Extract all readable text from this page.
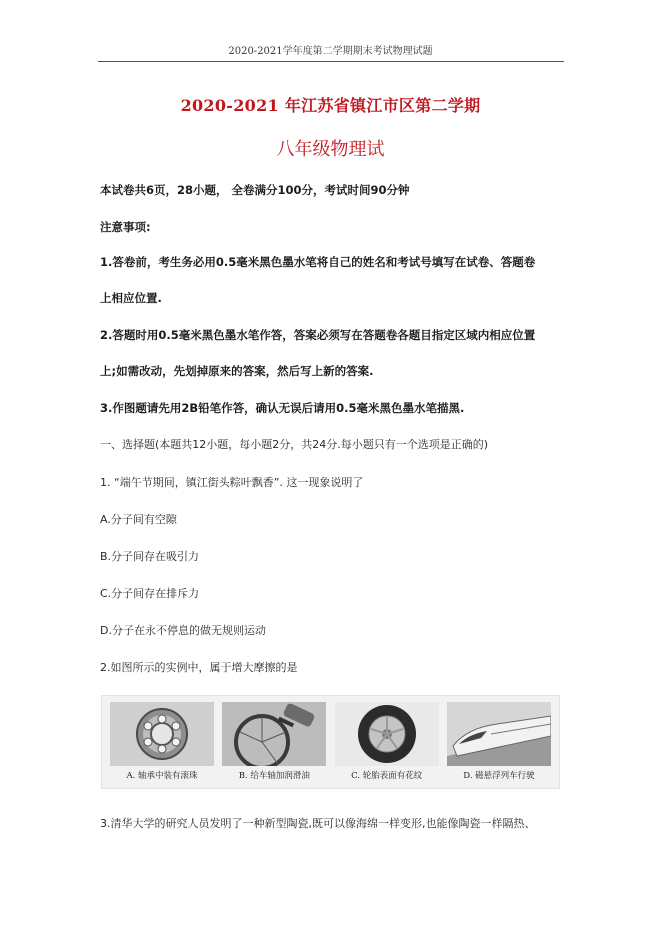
2020-2021学年度第二学期期末考试物理试题
2020-2021 年江苏省镇江市区第二学期
八年级物理试
本试卷共6页，28小题， 全卷满分100分，考试时间90分钟
注意事项:
1.答卷前，考生务必用0.5毫米黑色墨水笔将自己的姓名和考试号填写在试卷、答题卷
上相应位置.
2.答题时用0.5毫米黑色墨水笔作答，答案必须写在答题卷各题目指定区域内相应位置
上;如需改动，先划掉原来的答案，然后写上新的答案.
3.作图题请先用2B铅笔作答，确认无误后请用0.5毫米黑色墨水笔描黑.
一、选择题(本题共12小题，每小题2分，共24分.每小题只有一个选项是正确的)
1. “端午节期间，镇江街头粽叶飘香”. 这一现象说明了
A.分子间有空隙
B.分子间存在吸引力
C.分子间存在排斥力
D.分子在永不停息的做无规则运动
2.如图所示的实例中，属于增大摩擦的是
A. 轴承中装有滚珠	B. 给车轴加润滑油	C. 轮胎表面有花纹	D. 磁悬浮列车行驶
3.清华大学的研究人员发明了一种新型陶瓷,既可以像海绵一样变形,也能像陶瓷一样隔热、
